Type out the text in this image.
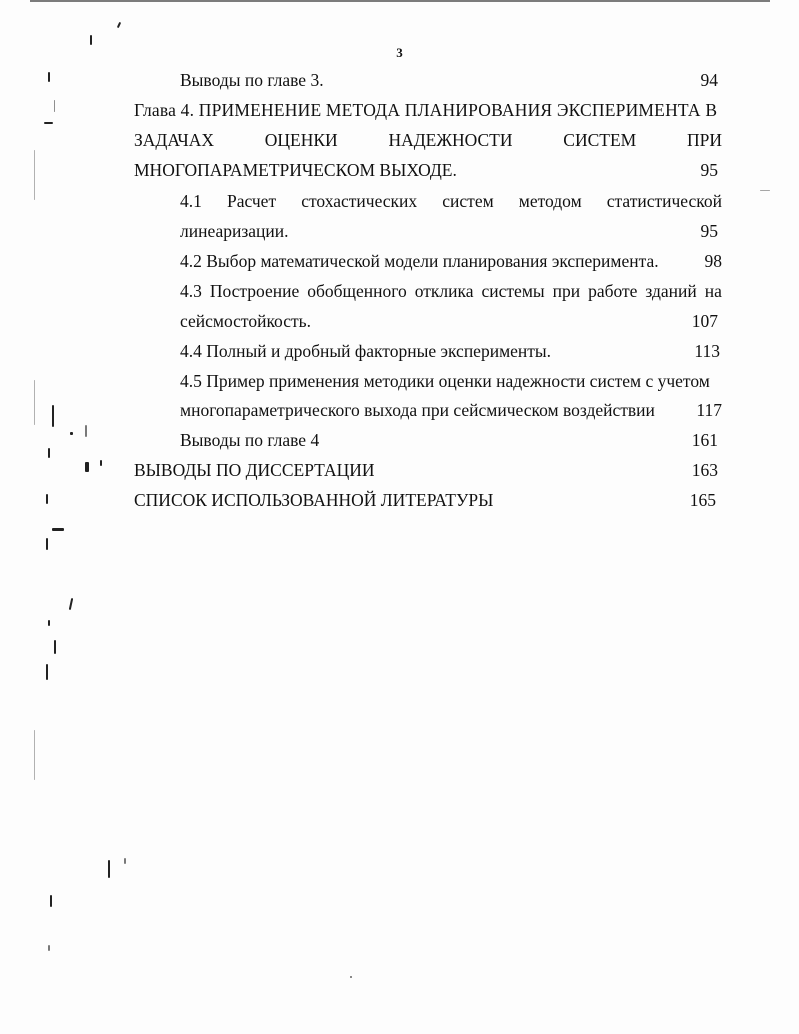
3
Выводы по главе 3.	94
Глава 4. ПРИМЕНЕНИЕ МЕТОДА ПЛАНИРОВАНИЯ ЭКСПЕРИМЕНТА В
ЗАДАЧАХ	ОЦЕНКИ	НАДЕЖНОСТИ	СИСТЕМ	ПРИ
МНОГОПАРАМЕТРИЧЕСКОМ ВЫХОДЕ.	95
4.1 Расчет стохастических систем методом статистической
линеаризации.	95
4.2 Выбор математической модели планирования эксперимента.	98
4.3 Построение обобщенного отклика системы при работе зданий на
сейсмостойкость.	107
4.4 Полный и дробный факторные эксперименты.	113
4.5 Пример применения методики оценки надежности систем с учетом
многопараметрического выхода при сейсмическом воздействии	117
Выводы по главе 4	161
ВЫВОДЫ ПО ДИССЕРТАЦИИ	163
СПИСОК ИСПОЛЬЗОВАННОЙ ЛИТЕРАТУРЫ	165
